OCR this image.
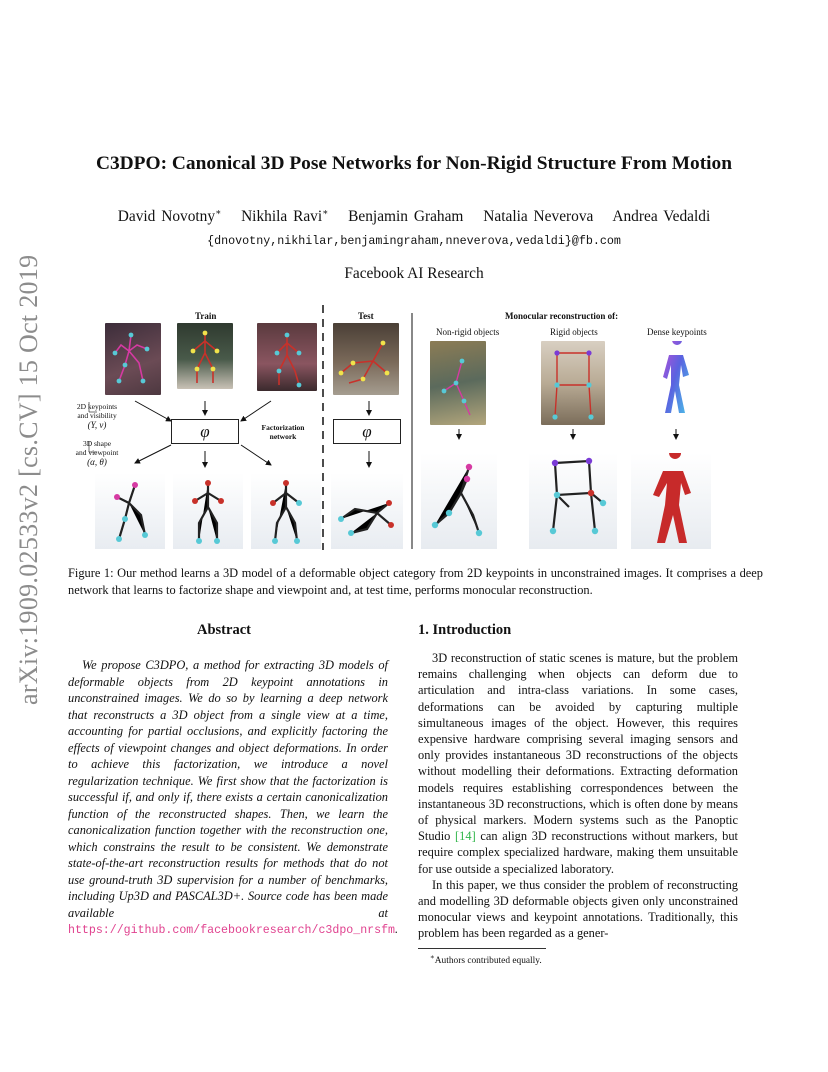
arXiv:1909.02533v2 [cs.CV] 15 Oct 2019
C3DPO: Canonical 3D Pose Networks for Non-Rigid Structure From Motion
David Novotny∗ Nikhila Ravi∗ Benjamin Graham Natalia Neverova Andrea Vedaldi
{dnovotny,nikhilar,benjamingraham,nneverova,vedaldi}@fb.com
Facebook AI Research
Train	Test	Monocular reconstruction of:
Non-rigid objects	Rigid objects	Dense keypoints
2D keypoints
and visibility
(Y, v)
3D shape
and viewpoint
(α, θ)
φ	φ
Factorization
network
Figure 1: Our method learns a 3D model of a deformable object category from 2D keypoints in unconstrained images. It comprises a deep network that learns to factorize shape and viewpoint and, at test time, performs monocular reconstruction.
Abstract
We propose C3DPO, a method for extracting 3D models of deformable objects from 2D keypoint annotations in unconstrained images. We do so by learning a deep network that reconstructs a 3D object from a single view at a time, accounting for partial occlusions, and explicitly factoring the effects of viewpoint changes and object deformations. In order to achieve this factorization, we introduce a novel regularization technique. We first show that the factorization is successful if, and only if, there exists a certain canonicalization function of the reconstructed shapes. Then, we learn the canonicalization function together with the reconstruction one, which constrains the result to be consistent. We demonstrate state-of-the-art reconstruction results for methods that do not use ground-truth 3D supervision for a number of benchmarks, including Up3D and PASCAL3D+. Source code has been made available at https://github.com/facebookresearch/c3dpo_nrsfm.
1. Introduction

3D reconstruction of static scenes is mature, but the problem remains challenging when objects can deform due to articulation and intra-class variations. In some cases, deformations can be avoided by capturing multiple simultaneous images of the object. However, this requires expensive hardware comprising several imaging sensors and only provides instantaneous 3D reconstructions of the objects without modelling their deformations. Extracting deformation models requires establishing correspondences between the instantaneous 3D reconstructions, which is often done by means of physical markers. Modern systems such as the Panoptic Studio [14] can align 3D reconstructions without markers, but require complex specialized hardware, making them unsuitable for use outside a specialized laboratory.

In this paper, we thus consider the problem of reconstructing and modelling 3D deformable objects given only unconstrained monocular views and keypoint annotations. Traditionally, this problem has been regarded as a gener-

∗Authors contributed equally.
